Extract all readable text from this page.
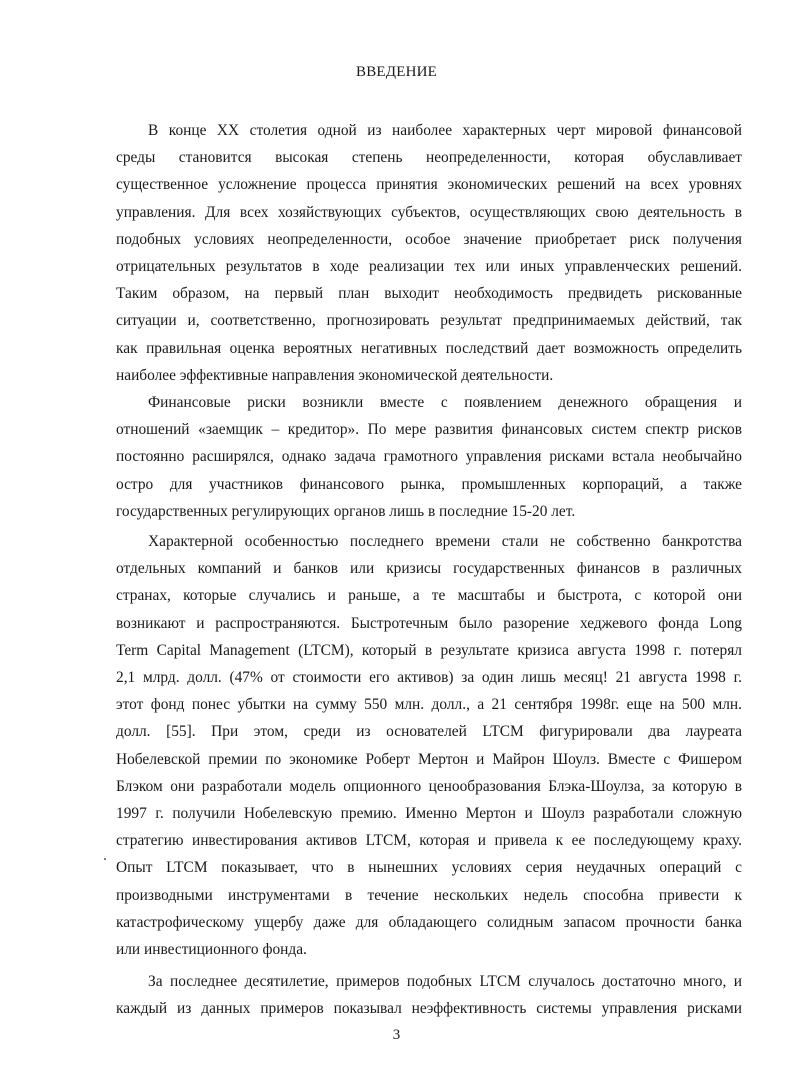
ВВЕДЕНИЕ
В конце XX столетия одной из наиболее характерных черт мировой финансовой
среды становится высокая степень неопределенности, которая обуславливает
существенное усложнение процесса принятия экономических решений на всех уровнях
управления. Для всех хозяйствующих субъектов, осуществляющих свою деятельность в
подобных условиях неопределенности, особое значение приобретает риск получения
отрицательных результатов в ходе реализации тех или иных управленческих решений.
Таким образом, на первый план выходит необходимость предвидеть рискованные
ситуации и, соответственно, прогнозировать результат предпринимаемых действий, так
как правильная оценка вероятных негативных последствий дает возможность определить
наиболее эффективные направления экономической деятельности.
Финансовые риски возникли вместе с появлением денежного обращения и
отношений «заемщик – кредитор». По мере развития финансовых систем спектр рисков
постоянно расширялся, однако задача грамотного управления рисками встала необычайно
остро для участников финансового рынка, промышленных корпораций, а также
государственных регулирующих органов лишь в последние 15-20 лет.
Характерной особенностью последнего времени стали не собственно банкротства
отдельных компаний и банков или кризисы государственных финансов в различных
странах, которые случались и раньше, а те масштабы и быстрота, с которой они
возникают и распространяются. Быстротечным было разорение хеджевого фонда Long
Term Capital Management (LTCM), который в результате кризиса августа 1998 г. потерял
2,1 млрд. долл. (47% от стоимости его активов) за один лишь месяц! 21 августа 1998 г.
этот фонд понес убытки на сумму 550 млн. долл., а 21 сентября 1998г. еще на 500 млн.
долл. [55]. При этом, среди из основателей LTCM фигурировали два лауреата
Нобелевской премии по экономике Роберт Мертон и Майрон Шоулз. Вместе с Фишером
Блэком они разработали модель опционного ценообразования Блэка-Шоулза, за которую в
1997 г. получили Нобелевскую премию. Именно Мертон и Шоулз разработали сложную
стратегию инвестирования активов LTCM, которая и привела к ее последующему краху.
Опыт LTCM показывает, что в нынешних условиях серия неудачных операций с
производными инструментами в течение нескольких недель способна привести к
катастрофическому ущербу даже для обладающего солидным запасом прочности банка
или инвестиционного фонда.
За последнее десятилетие, примеров подобных LTCM случалось достаточно много, и
каждый из данных примеров показывал неэффективность системы управления рисками
3
